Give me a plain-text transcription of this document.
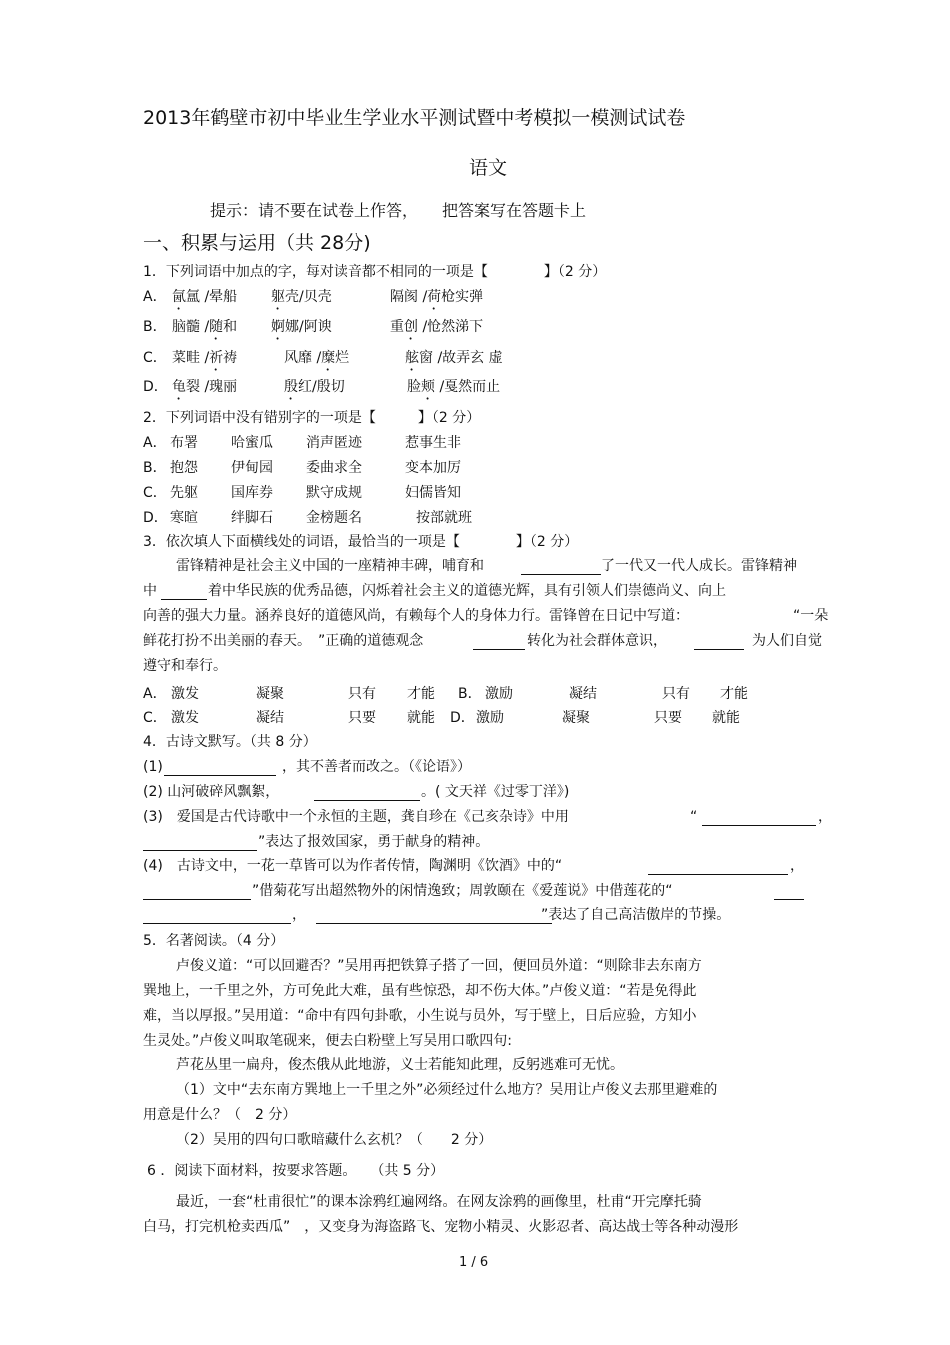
2013年鹤壁市初中毕业生学业水平测试暨中考模拟一模测试试卷
语文
提示：请不要在试卷上作答，　　把答案写在答题卡上
一、积累与运用（共 28分)
1．下列词语中加点的字，每对读音都不相同的一项是【　　　　】（2 分）
A． 氤氲 /晕船 躯壳/贝壳	隔阂 /荷枪实弹
B． 脑髓 /随和 婀娜/阿谀	重创 /怆然涕下
C． 菜畦 /祈祷	风靡 /糜烂	舷窗 /故弄玄 虚
D． 龟裂 /瑰丽	殷红/殷切	脸颊 /戛然而止
2．下列词语中没有错别字的一项是【　　　】（2 分）
A． 布署 哈蜜瓜 消声匿迹	惹事生非
B． 抱怨 伊甸园 委曲求全	变本加厉
C． 先躯 国库券 默守成规	妇儒皆知
D． 寒暄 绊脚石 金榜题名	按部就班
3．依次填人下面横线处的词语，最恰当的一项是【　　　　】（2 分）
雷锋精神是社会主义中国的一座精神丰碑，哺育和	了一代又一代人成长。雷锋精神
中	着中华民族的优秀品德，闪烁着社会主义的道德光辉，具有引领人们崇德尚义、向上
向善的强大力量。涵养良好的道德风尚，有赖每个人的身体力行。雷锋曾在日记中写道：	“一朵
鲜花打扮不出美丽的春天。　”正确的道德观念	转化为社会群体意识，	为人们自觉
遵守和奉行。
A． 激发	凝聚	只有 才能 B． 激励	凝结	只有 才能
C． 激发	凝结	只要 就能 D． 激励	凝聚	只要 就能
4．古诗文默写。（共 8 分）
(1)	，其不善者而改之。（《论语》）
(2) 山河破碎风飘絮，	。( 文天祥《过零丁洋》)
(3)　爱国是古代诗歌中一个永恒的主题，龚自珍在《己亥杂诗》中用	“	，
”表达了报效国家，勇于献身的精神。
(4)　古诗文中，一花一草皆可以为作者传情，陶渊明《饮酒》中的“	，
”借菊花写出超然物外的闲情逸致；周敦颐在《爱莲说》中借莲花的“
，	”表达了自己高洁傲岸的节操。
5．名著阅读。（4 分）
卢俊义道：“可以回避否？”吴用再把铁算子搭了一回，便回员外道：“则除非去东南方
巽地上，一千里之外，方可免此大难，虽有些惊恐，却不伤大体。”卢俊义道：“若是免得此
难，当以厚报。”吴用道：“命中有四句卦歌，小生说与员外，写于壁上，日后应验，方知小
生灵处。”卢俊义叫取笔砚来，便去白粉壁上写吴用口歌四句:
芦花丛里一扁舟，俊杰俄从此地游，义士若能知此理，反躬逃难可无忧。
（1）文中“去东南方巽地上一千里之外”必须经过什么地方？吴用让卢俊义去那里避难的
用意是什么？（　2 分）
（2）吴用的四句口歌暗藏什么玄机？（　　2 分）
6 ．阅读下面材料，按要求答题。　　（共 5 分）
最近，一套“杜甫很忙”的课本涂鸦红遍网络。在网友涂鸦的画像里，杜甫“开完摩托骑
白马，打完机枪卖西瓜”　，又变身为海盗路飞、宠物小精灵、火影忍者、高达战士等各种动漫形
1 / 6
